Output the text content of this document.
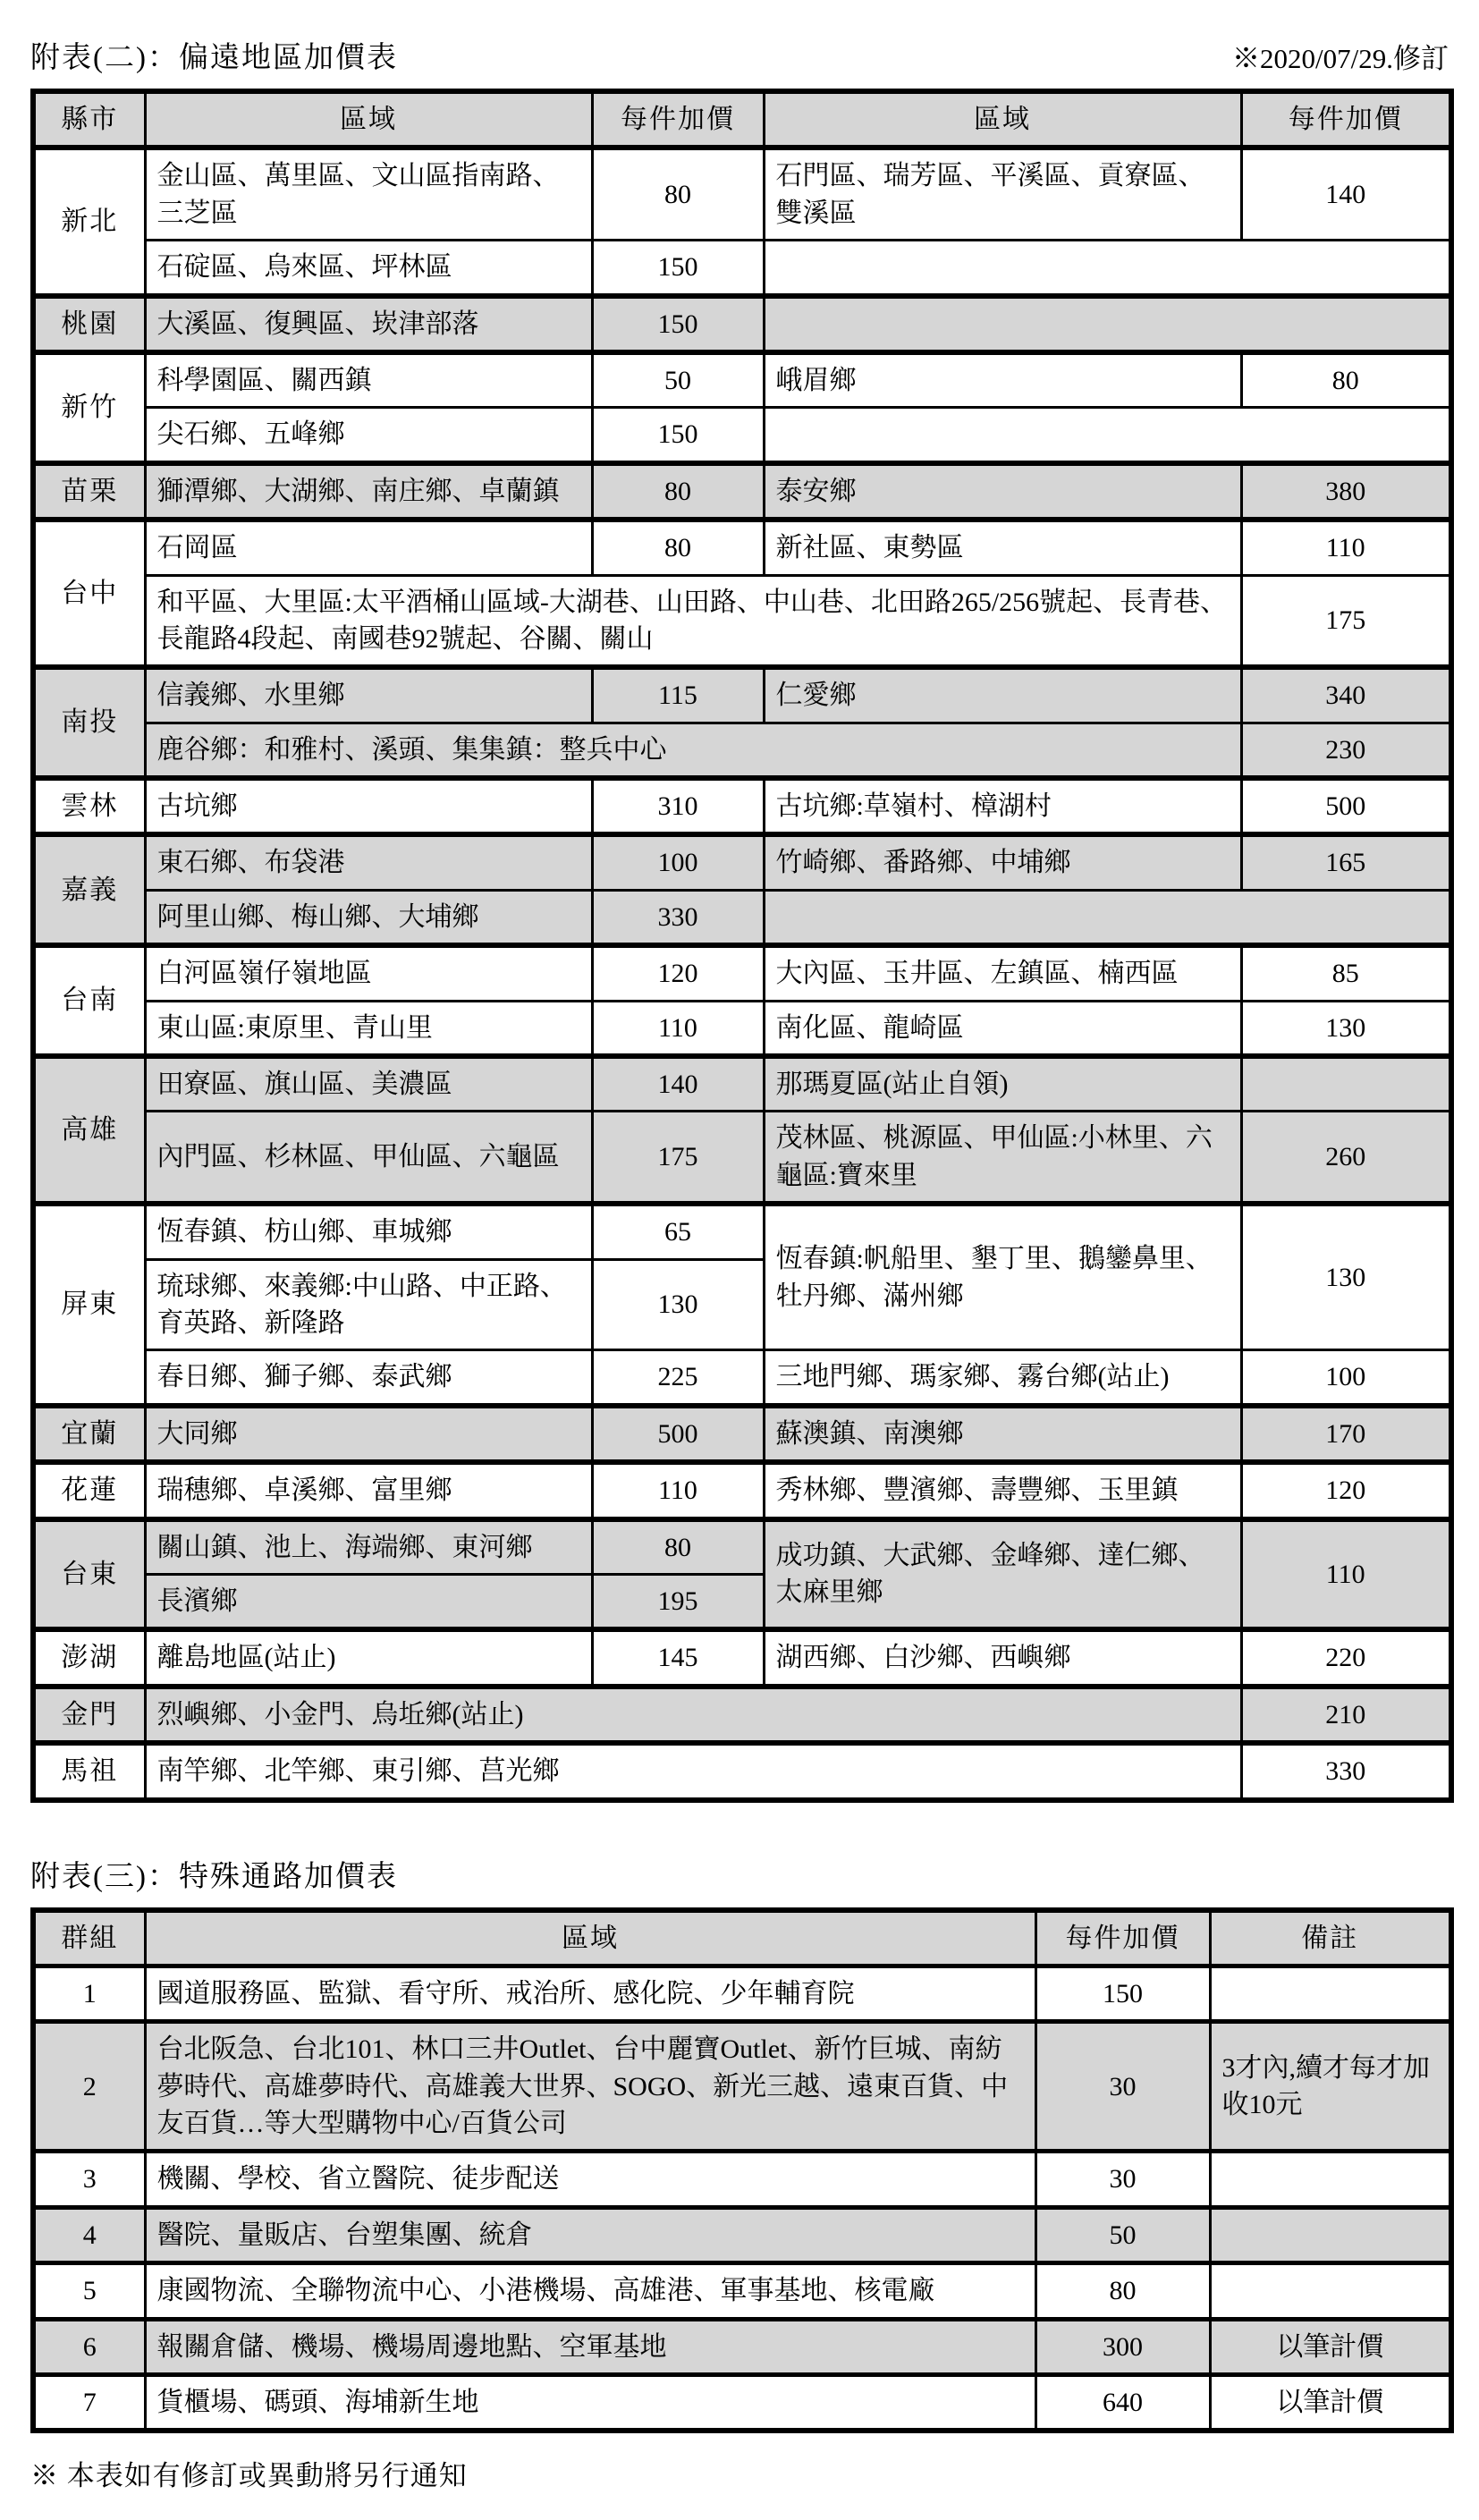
附表(二)：偏遠地區加價表	※2020/07/29.修訂
縣市	區域	每件加價	區域	每件加價
新北	金山區、萬里區、文山區指南路、三芝區	80	石門區、瑞芳區、平溪區、貢寮區、雙溪區	140
	石碇區、烏來區、坪林區	150		
桃園	大溪區、復興區、崁津部落	150		
新竹	科學園區、關西鎮	50	峨眉鄉	80
	尖石鄉、五峰鄉	150		
苗栗	獅潭鄉、大湖鄉、南庄鄉、卓蘭鎮	80	泰安鄉	380
台中	石岡區	80	新社區、東勢區	110
	和平區、大里區:太平酒桶山區域-大湖巷、山田路、中山巷、北田路265/256號起、長青巷、長龍路4段起、南國巷92號起、谷關、關山			175
南投	信義鄉、水里鄉	115	仁愛鄉	340
	鹿谷鄉：和雅村、溪頭、集集鎮：整兵中心			230
雲林	古坑鄉	310	古坑鄉:草嶺村、樟湖村	500
嘉義	東石鄉、布袋港	100	竹崎鄉、番路鄉、中埔鄉	165
	阿里山鄉、梅山鄉、大埔鄉	330		
台南	白河區嶺仔嶺地區	120	大內區、玉井區、左鎮區、楠西區	85
	東山區:東原里、青山里	110	南化區、龍崎區	130
高雄	田寮區、旗山區、美濃區	140	那瑪夏區(站止自領)	
	內門區、杉林區、甲仙區、六龜區	175	茂林區、桃源區、甲仙區:小林里、六龜區:寶來里	260
屏東	恆春鎮、枋山鄉、車城鄉	65	恆春鎮:帆船里、墾丁里、鵝鑾鼻里、牡丹鄉、滿州鄉	130
	琉球鄉、來義鄉:中山路、中正路、育英路、新隆路	130		
	春日鄉、獅子鄉、泰武鄉	225	三地門鄉、瑪家鄉、霧台鄉(站止)	100
宜蘭	大同鄉	500	蘇澳鎮、南澳鄉	170
花蓮	瑞穗鄉、卓溪鄉、富里鄉	110	秀林鄉、豐濱鄉、壽豐鄉、玉里鎮	120
台東	關山鎮、池上、海端鄉、東河鄉	80	成功鎮、大武鄉、金峰鄉、達仁鄉、太麻里鄉	110
	長濱鄉	195		
澎湖	離島地區(站止)	145	湖西鄉、白沙鄉、西嶼鄉	220
金門	烈嶼鄉、小金門、烏坵鄉(站止)			210
馬祖	南竿鄉、北竿鄉、東引鄉、莒光鄉			330
附表(三)：特殊通路加價表
群組	區域	每件加價	備註
1	國道服務區、監獄、看守所、戒治所、感化院、少年輔育院	150	
2	台北阪急、台北101、林口三井Outlet、台中麗寶Outlet、新竹巨城、南紡夢時代、高雄夢時代、高雄義大世界、SOGO、新光三越、遠東百貨、中友百貨…等大型購物中心/百貨公司	30	3才內,續才每才加收10元
3	機關、學校、省立醫院、徒步配送	30	
4	醫院、量販店、台塑集團、統倉	50	
5	康國物流、全聯物流中心、小港機場、高雄港、軍事基地、核電廠	80	
6	報關倉儲、機場、機場周邊地點、空軍基地	300	以筆計價
7	貨櫃場、碼頭、海埔新生地	640	以筆計價
※ 本表如有修訂或異動將另行通知
